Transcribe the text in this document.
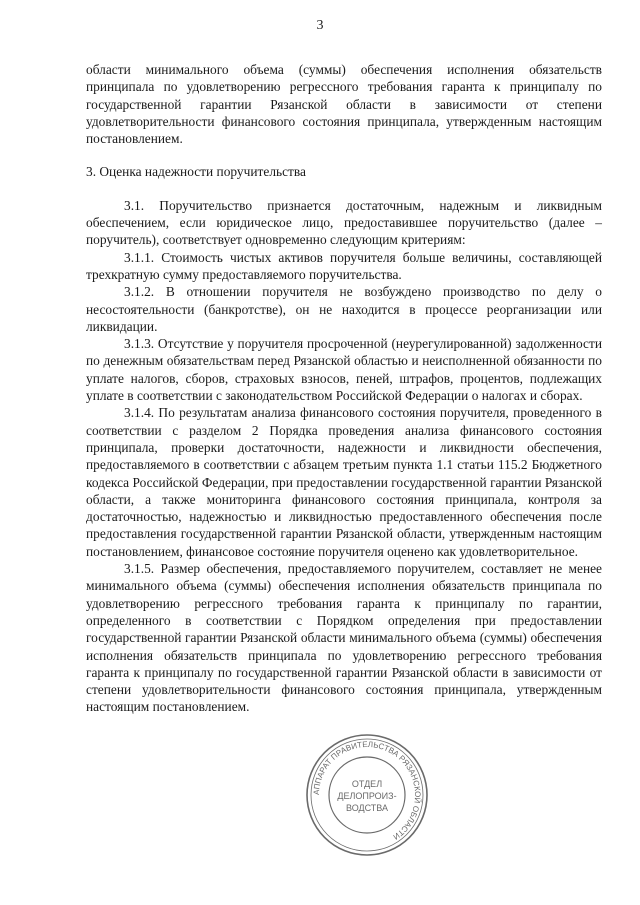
3

области минимального объема (суммы) обеспечения исполнения обязательств принципала по удовлетворению регрессного требования гаранта к принципалу по государственной гарантии Рязанской области в зависимости от степени удовлетворительности финансового состояния принципала, утвержденным настоящим постановлением.

3. Оценка надежности поручительства

3.1. Поручительство признается достаточным, надежным и ликвидным обеспечением, если юридическое лицо, предоставившее поручительство (далее – поручитель), соответствует одновременно следующим критериям:

3.1.1. Стоимость чистых активов поручителя больше величины, составляющей трехкратную сумму предоставляемого поручительства.

3.1.2. В отношении поручителя не возбуждено производство по делу о несостоятельности (банкротстве), он не находится в процессе реорганизации или ликвидации.

3.1.3. Отсутствие у поручителя просроченной (неурегулированной) задолженности по денежным обязательствам перед Рязанской областью и неисполненной обязанности по уплате налогов, сборов, страховых взносов, пеней, штрафов, процентов, подлежащих уплате в соответствии с законодательством Российской Федерации о налогах и сборах.

3.1.4. По результатам анализа финансового состояния поручителя, проведенного в соответствии с разделом 2 Порядка проведения анализа финансового состояния принципала, проверки достаточности, надежности и ликвидности обеспечения, предоставляемого в соответствии с абзацем третьим пункта 1.1 статьи 115.2 Бюджетного кодекса Российской Федерации, при предоставлении государственной гарантии Рязанской области, а также мониторинга финансового состояния принципала, контроля за достаточностью, надежностью и ликвидностью предоставленного обеспечения после предоставления государственной гарантии Рязанской области, утвержденным настоящим постановлением, финансовое состояние поручителя оценено как удовлетворительное.

3.1.5. Размер обеспечения, предоставляемого поручителем, составляет не менее минимального объема (суммы) обеспечения исполнения обязательств принципала по удовлетворению регрессного требования гаранта к принципалу по гарантии, определенного в соответствии с Порядком определения при предоставлении государственной гарантии Рязанской области минимального объема (суммы) обеспечения исполнения обязательств принципала по удовлетворению регрессного требования гаранта к принципалу по государственной гарантии Рязанской области в зависимости от степени удовлетворительности финансового состояния принципала, утвержденным настоящим постановлением.

АППАРАТ ПРАВИТЕЛЬСТВА РЯЗАНСКОЙ ОБЛАСТИ
ОТДЕЛ
ДЕЛОПРОИЗ-
ВОДСТВА
